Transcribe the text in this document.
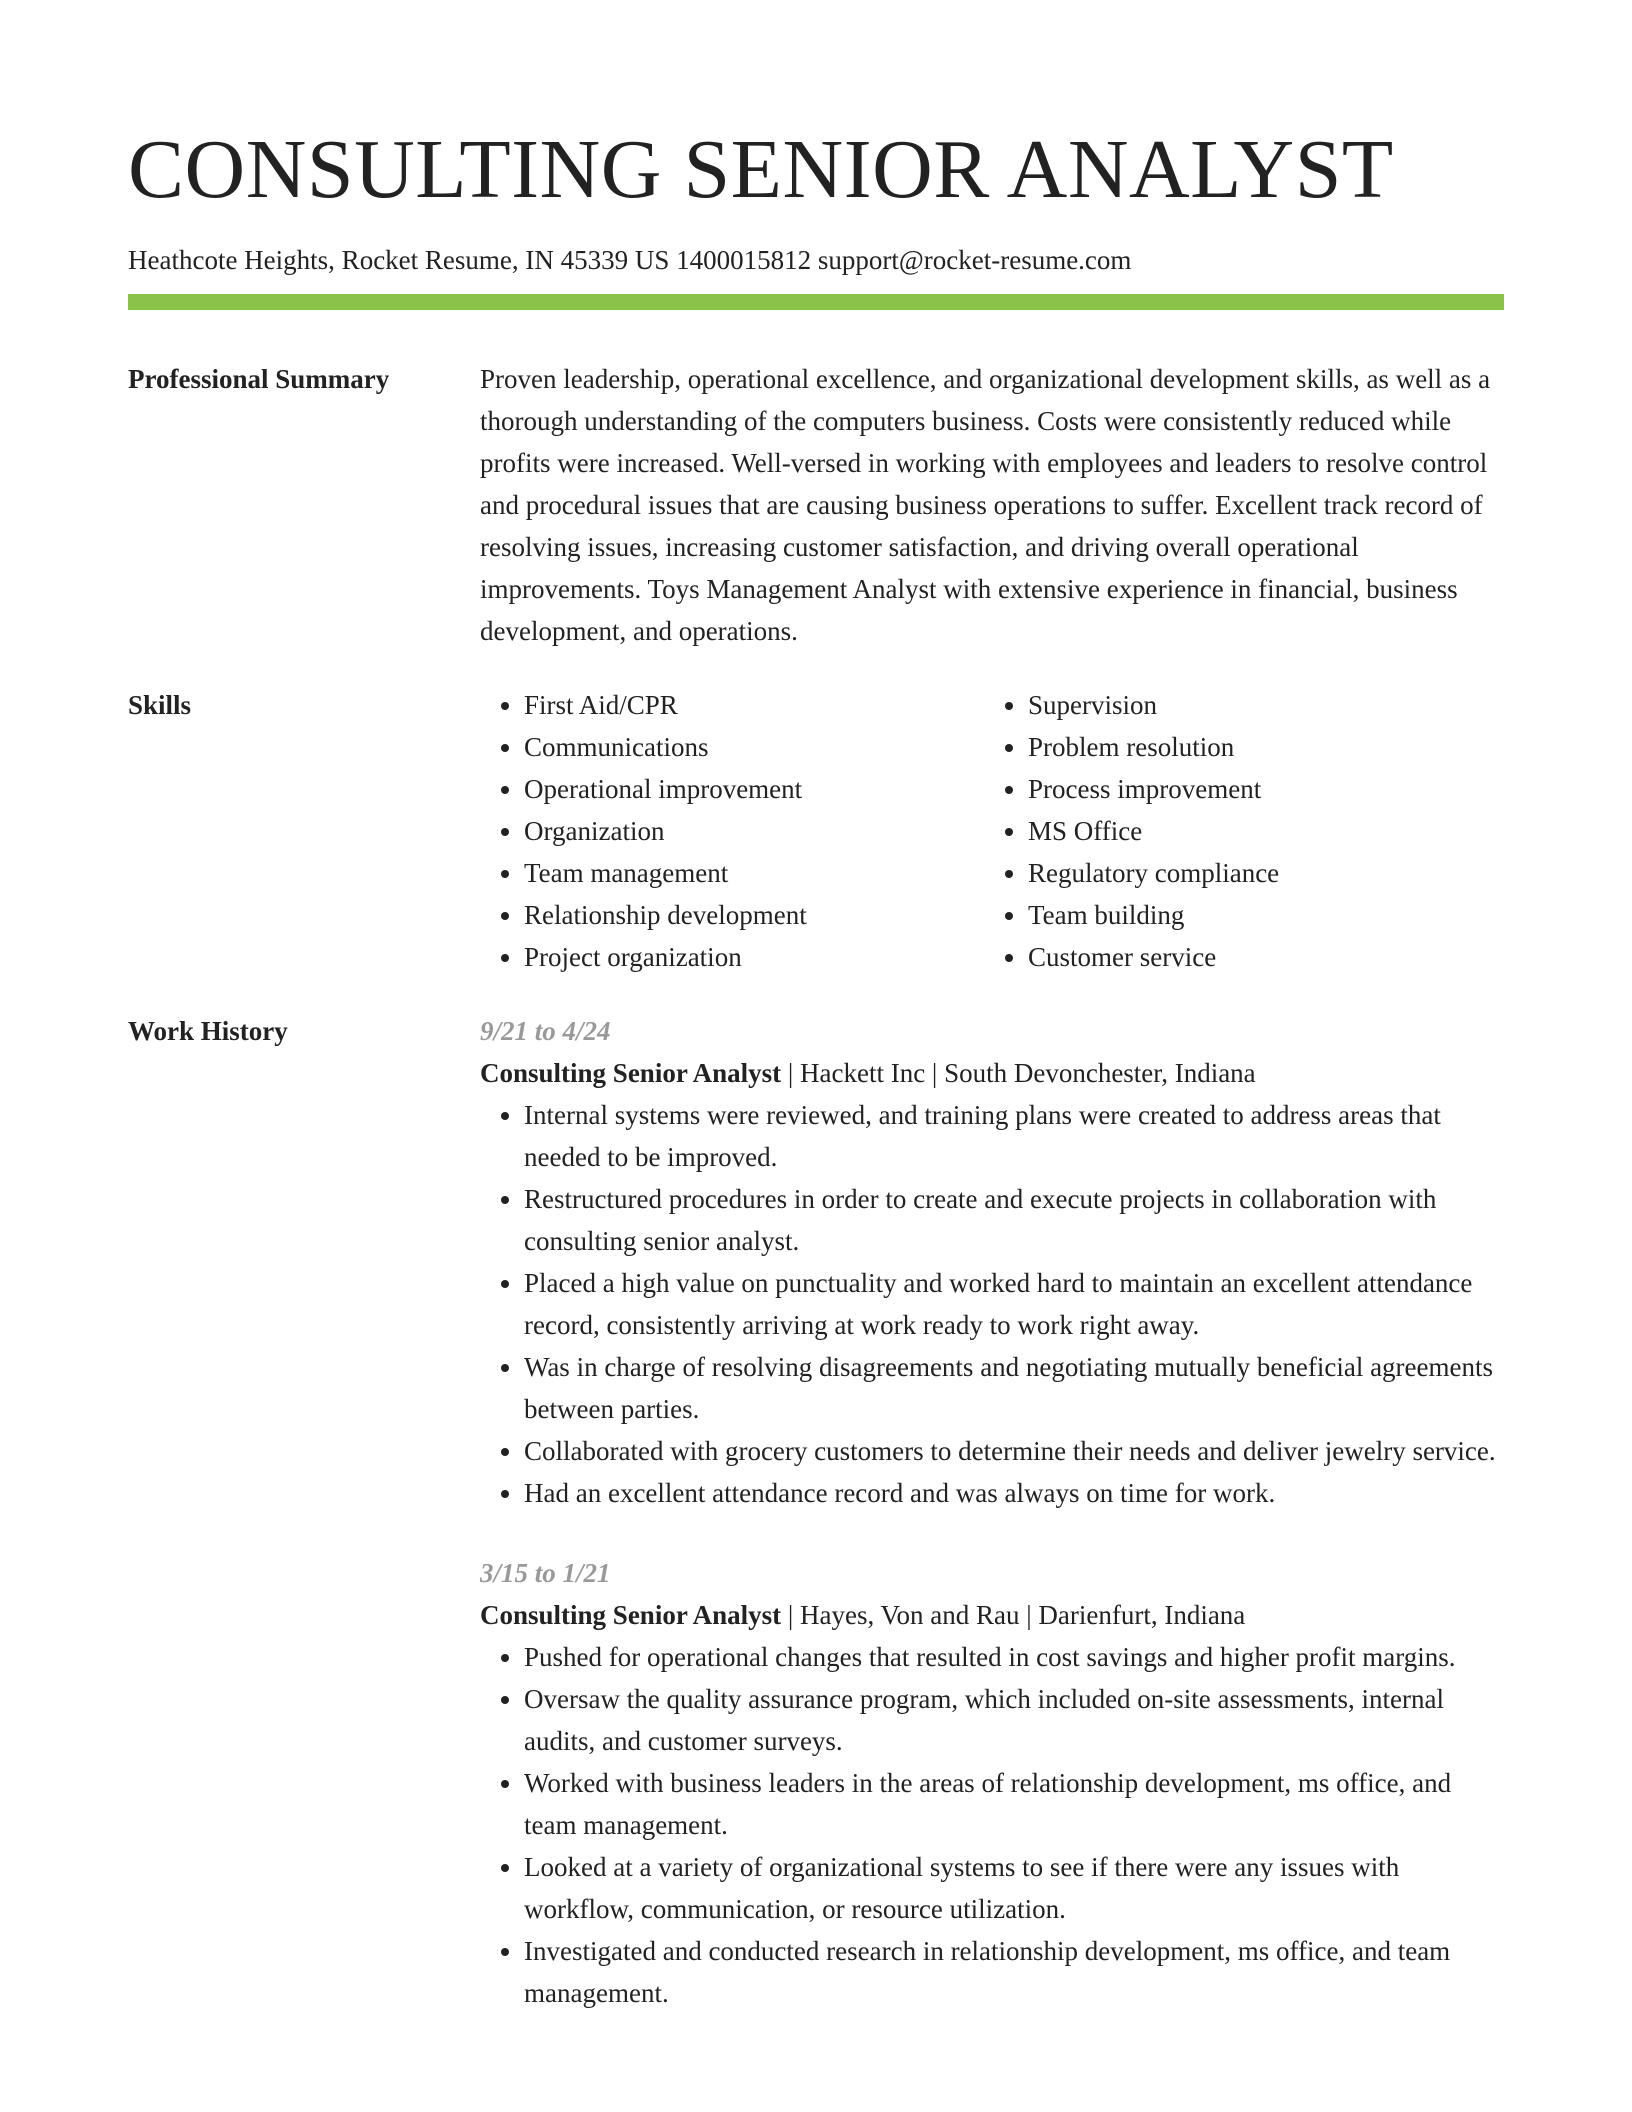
CONSULTING SENIOR ANALYST
Heathcote Heights, Rocket Resume, IN 45339 US 1400015812 support@rocket-resume.com
Professional Summary	Proven leadership, operational excellence, and organizational development skills, as well as a thorough understanding of the computers business. Costs were consistently reduced while profits were increased. Well-versed in working with employees and leaders to resolve control and procedural issues that are causing business operations to suffer. Excellent track record of resolving issues, increasing customer satisfaction, and driving overall operational improvements. Toys Management Analyst with extensive experience in financial, business development, and operations.

Skills
•	First Aid/CPR
• Communications
• Operational improvement
• Organization
• Team management
• Relationship development
• Project organization
• Supervision
• Problem resolution
• Process improvement
• MS Office
• Regulatory compliance
• Team building
• Customer service
Work History	9/21 to 4/24
Consulting Senior Analyst | Hackett Inc | South Devonchester, Indiana
• Internal systems were reviewed, and training plans were created to address areas that needed to be improved.
• Restructured procedures in order to create and execute projects in collaboration with consulting senior analyst.
• Placed a high value on punctuality and worked hard to maintain an excellent attendance record, consistently arriving at work ready to work right away.
• Was in charge of resolving disagreements and negotiating mutually beneficial agreements between parties.
• Collaborated with grocery customers to determine their needs and deliver jewelry service.
• Had an excellent attendance record and was always on time for work.
3/15 to 1/21
Consulting Senior Analyst | Hayes, Von and Rau | Darienfurt, Indiana
• Pushed for operational changes that resulted in cost savings and higher profit margins.
• Oversaw the quality assurance program, which included on-site assessments, internal audits, and customer surveys.
• Worked with business leaders in the areas of relationship development, ms office, and team management.
• Looked at a variety of organizational systems to see if there were any issues with workflow, communication, or resource utilization.
• Investigated and conducted research in relationship development, ms office, and team management.
